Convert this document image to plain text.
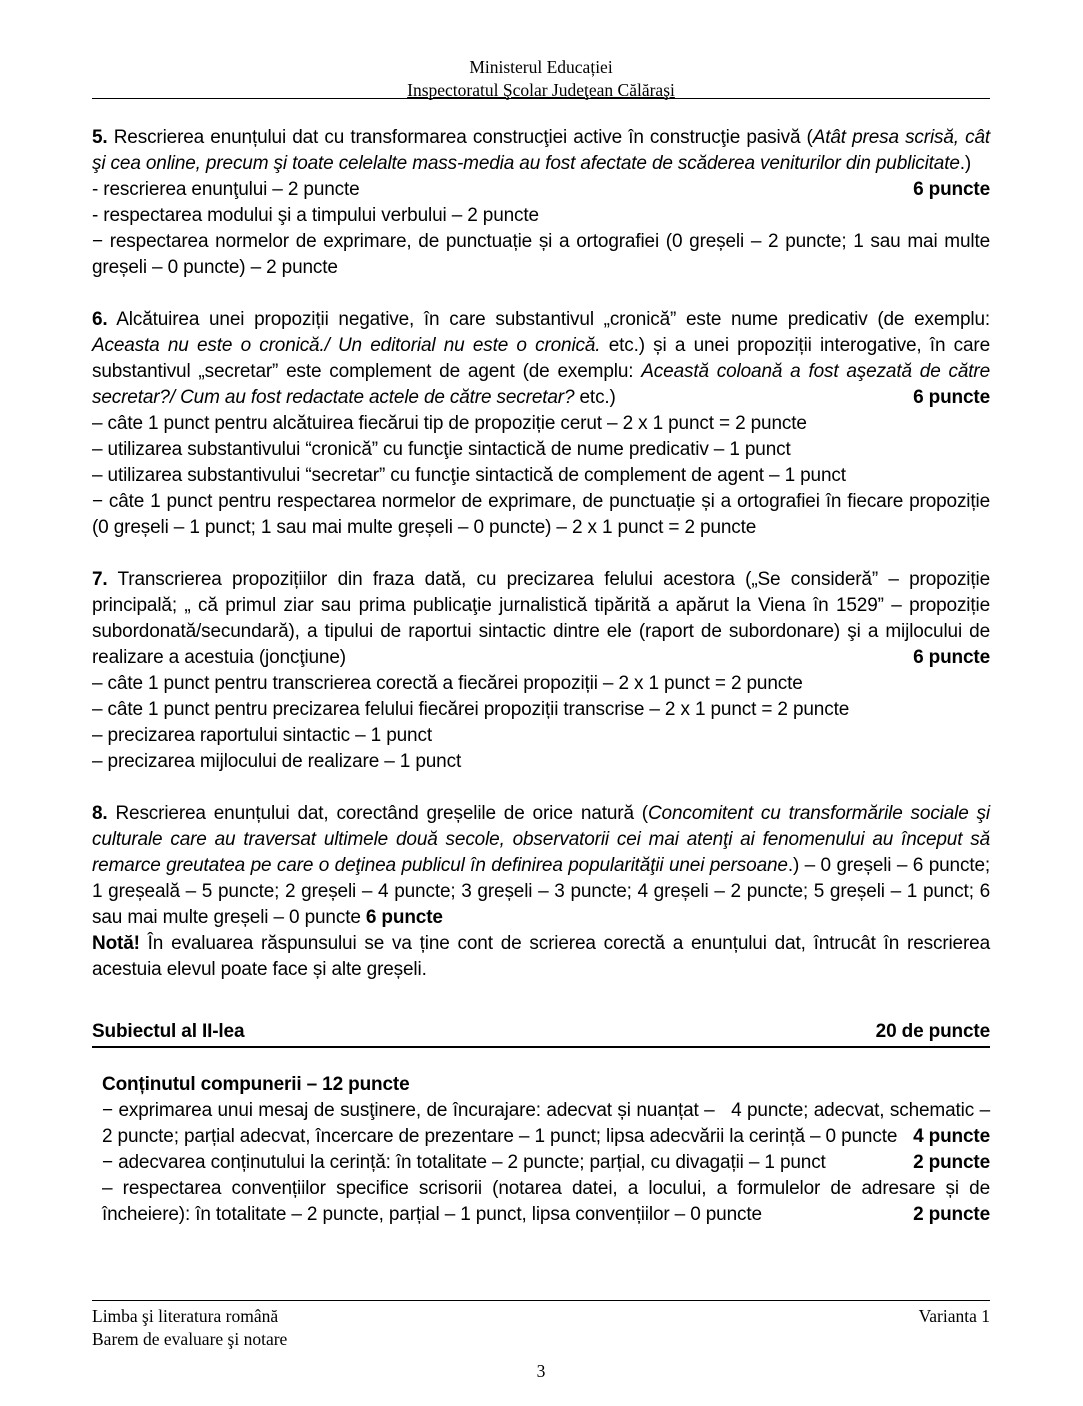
Ministerul Educației
Inspectoratul Şcolar Judeţean Călăraşi

5. Rescrierea enunțului dat cu transformarea construcţiei active în construcţie pasivă (Atât presa scrisă, cât şi cea online, precum şi toate celelalte mass-media au fost afectate de scăderea veniturilor din publicitate.)
6 puncte

- rescrierea enunţului – 2 puncte

- respectarea modului şi a timpului verbului – 2 puncte

− respectarea normelor de exprimare, de punctuație și a ortografiei (0 greșeli – 2 puncte; 1 sau mai multe greșeli – 0 puncte) – 2 puncte

6. Alcătuirea unei propoziții negative, în care substantivul „cronică” este nume predicativ (de exemplu: Aceasta nu este o cronică./ Un editorial nu este o cronică. etc.) și a unei propoziții interogative, în care substantivul „secretar” este complement de agent (de exemplu: Această coloană a fost aşezată de către secretar?/ Cum au fost redactate actele de către secretar? etc.)	6 puncte

– câte 1 punct pentru alcătuirea fiecărui tip de propoziție cerut – 2 x 1 punct = 2 puncte

– utilizarea substantivului “cronică” cu funcţie sintactică de nume predicativ – 1 punct

– utilizarea substantivului “secretar” cu funcţie sintactică de complement de agent – 1 punct

− câte 1 punct pentru respectarea normelor de exprimare, de punctuație și a ortografiei în fiecare propoziție (0 greșeli – 1 punct; 1 sau mai multe greșeli – 0 puncte) – 2 x 1 punct = 2 puncte

7. Transcrierea propozițiilor din fraza dată, cu precizarea felului acestora („Se consideră” – propoziție principală; „ că primul ziar sau prima publicaţie jurnalistică tipărită a apărut la Viena în 1529” – propoziție subordonată/secundară), a tipului de raportui sintactic dintre ele (raport de subordonare) şi a mijlocului de realizare a acestuia (joncţiune)	6 puncte

– câte 1 punct pentru transcrierea corectă a fiecărei propoziții – 2 x 1 punct = 2 puncte

– câte 1 punct pentru precizarea felului fiecărei propoziții transcrise – 2 x 1 punct = 2 puncte

– precizarea raportului sintactic – 1 punct

– precizarea mijlocului de realizare – 1 punct

8. Rescrierea enunțului dat, corectând greșelile de orice natură (Concomitent cu transformările sociale şi culturale care au traversat ultimele două secole, observatorii cei mai atenţi ai fenomenului au început să remarce greutatea pe care o deţinea publicul în definirea popularităţii unei persoane.) – 0 greșeli – 6 puncte; 1 greșeală – 5 puncte; 2 greșeli – 4 puncte; 3 greșeli – 3 puncte; 4 greșeli – 2 puncte; 5 greșeli – 1 punct; 6 sau mai multe greșeli – 0 puncte 6 puncte

Notă! În evaluarea răspunsului se va ține cont de scrierea corectă a enunțului dat, întrucât în rescrierea acestuia elevul poate face și alte greșeli.

Subiectul al II-lea	20 de puncte

Conținutul compunerii – 12 puncte

− exprimarea unui mesaj de susţinere, de încurajare: adecvat și nuanțat –   4 puncte; adecvat, schematic – 2 puncte; parțial adecvat, încercare de prezentare – 1 punct; lipsa adecvării la cerință – 0 puncte 4 puncte

− adecvarea conținutului la cerință: în totalitate – 2 puncte; parțial, cu divagații – 1 punct	2 puncte

– respectarea convențiilor specifice scrisorii (notarea datei, a locului, a formulelor de adresare și de încheiere): în totalitate – 2 puncte, parțial – 1 punct, lipsa convențiilor – 0 puncte	2 puncte

Limba şi literatura română
Barem de evaluare şi notare
Varianta 1
3
